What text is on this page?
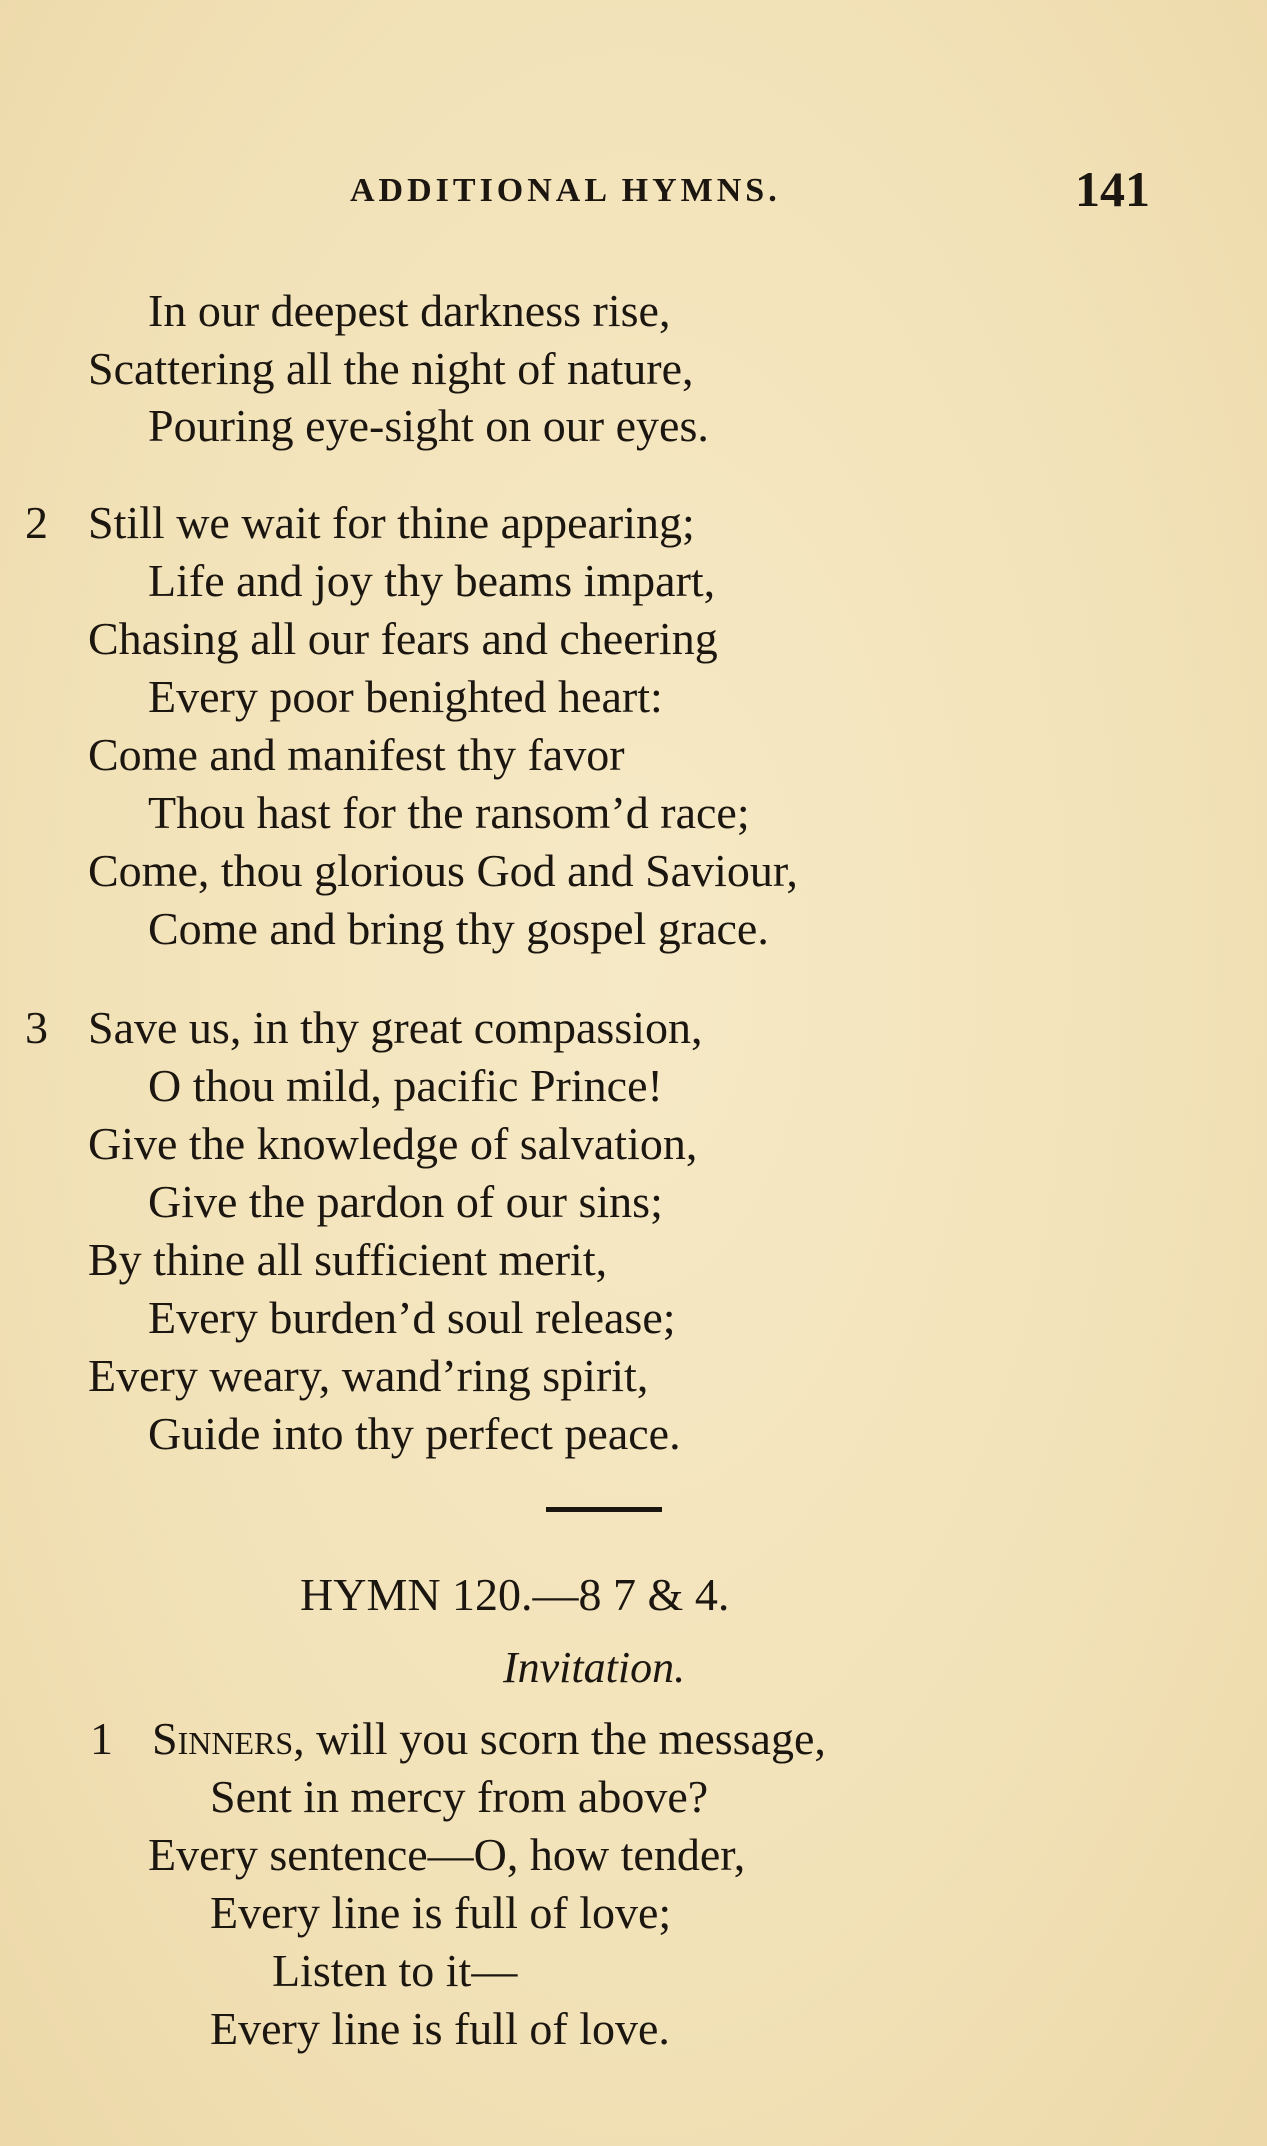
ADDITIONAL HYMNS.	141
In our deepest darkness rise,
Scattering all the night of nature,
Pouring eye-sight on our eyes.
2 Still we wait for thine appearing;
Life and joy thy beams impart,
Chasing all our fears and cheering
Every poor benighted heart:
Come and manifest thy favor
Thou hast for the ransom’d race;
Come, thou glorious God and Saviour,
Come and bring thy gospel grace.
3 Save us, in thy great compassion,
O thou mild, pacific Prince!
Give the knowledge of salvation,
Give the pardon of our sins;
By thine all sufficient merit,
Every burden’d soul release;
Every weary, wand’ring spirit,
Guide into thy perfect peace.
HYMN 120.—8 7 & 4.
Invitation.
1 Sinners, will you scorn the message,
Sent in mercy from above?
Every sentence—O, how tender,
Every line is full of love;
Listen to it—
Every line is full of love.
